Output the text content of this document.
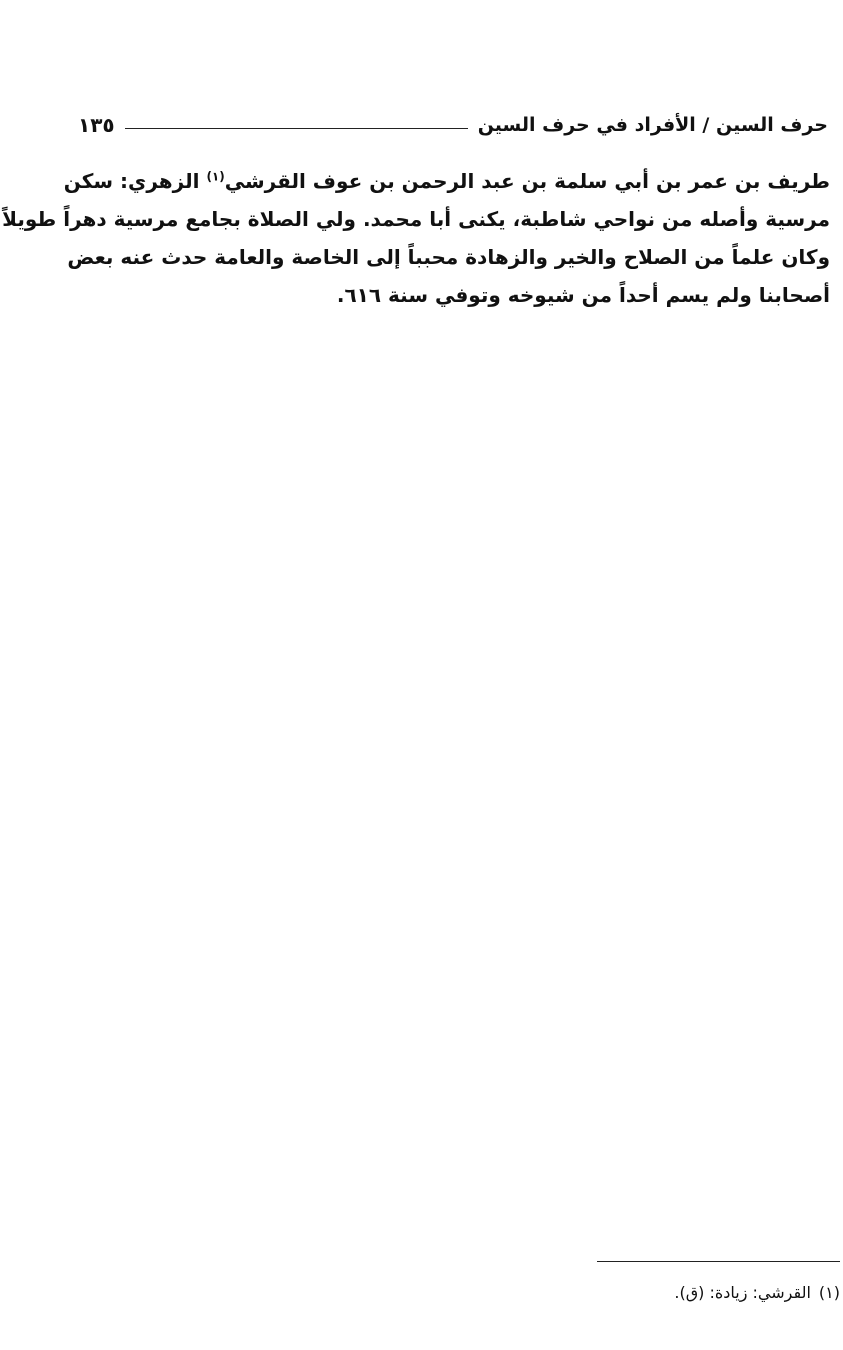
حرف السين / الأفراد في حرف السين
١٣٥
طريف بن عمر بن أبي سلمة بن عبد الرحمن بن عوف القرشي$^{(١)}$ الزهري: سكن
مرسية وأصله من نواحي شاطبة، يكنى أبا محمد. ولي الصلاة بجامع مرسية دهراً طويلاً
وكان علماً من الصلاح والخير والزهادة محبباً إلى الخاصة والعامة حدث عنه بعض
أصحابنا ولم يسم أحداً من شيوخه وتوفي سنة ٦١٦.
(١)القرشي: زيادة: (ق).
